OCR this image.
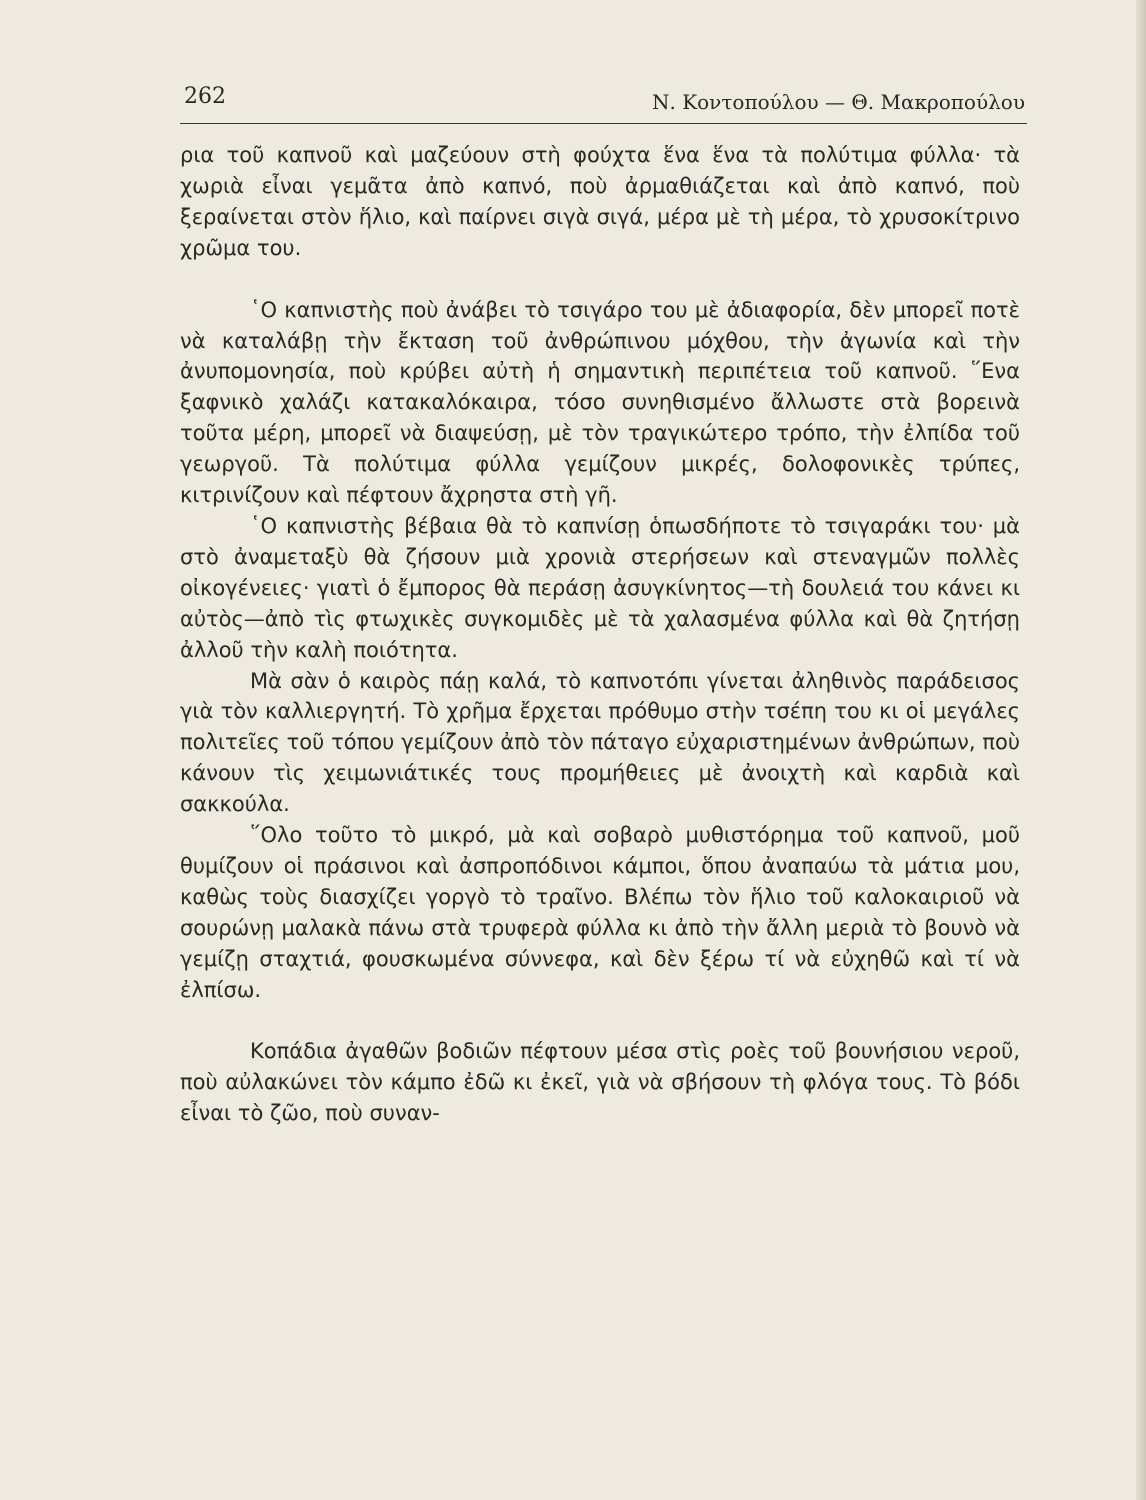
262	Ν. Κοντοπούλου — Θ. Μακροπούλου

ρια τοῦ καπνοῦ καὶ μαζεύουν στὴ φούχτα ἕνα ἕνα τὰ πολύτιμα φύλλα· τὰ χωριὰ εἶναι γεμᾶτα ἀπὸ καπνό, ποὺ ἀρμαθιάζεται καὶ ἀπὸ καπνό, ποὺ ξεραίνεται στὸν ἥλιο, καὶ παίρνει σιγὰ σιγά, μέρα μὲ τὴ μέρα, τὸ χρυσοκίτρινο χρῶμα του.

῾Ο καπνιστὴς ποὺ ἀνάβει τὸ τσιγάρο του μὲ ἀδιαφορία, δὲν μπορεῖ ποτὲ νὰ καταλάβῃ τὴν ἔκταση τοῦ ἀνθρώπινου μόχθου, τὴν ἀγωνία καὶ τὴν ἀνυπομονησία, ποὺ κρύβει αὐτὴ ἡ σημαντικὴ περιπέτεια τοῦ καπνοῦ. ῞Ενα ξαφνικὸ χαλάζι κατακαλόκαιρα, τόσο συνηθισμένο ἄλλωστε στὰ βορεινὰ τοῦτα μέρη, μπορεῖ νὰ διαψεύσῃ, μὲ τὸν τραγικώτερο τρόπο, τὴν ἐλπίδα τοῦ γεωργοῦ. Τὰ πολύτιμα φύλλα γεμίζουν μικρές, δολοφονικὲς τρύπες, κιτρινίζουν καὶ πέφτουν ἄχρηστα στὴ γῆ.

῾Ο καπνιστὴς βέβαια θὰ τὸ καπνίσῃ ὁπωσδήποτε τὸ τσιγαράκι του· μὰ στὸ ἀναμεταξὺ θὰ ζήσουν μιὰ χρονιὰ στερήσεων καὶ στεναγμῶν πολλὲς οἰκογένειες· γιατὶ ὁ ἔμπορος θὰ περάσῃ ἀσυγκίνητος—τὴ δουλειά του κάνει κι αὐτὸς—ἀπὸ τὶς φτωχικὲς συγκομιδὲς μὲ τὰ χαλασμένα φύλλα καὶ θὰ ζητήσῃ ἀλλοῦ τὴν καλὴ ποιότητα.

Μὰ σὰν ὁ καιρὸς πάῃ καλά, τὸ καπνοτόπι γίνεται ἀληθινὸς παράδεισος γιὰ τὸν καλλιεργητή. Τὸ χρῆμα ἔρχεται πρόθυμο στὴν τσέπη του κι οἱ μεγάλες πολιτεῖες τοῦ τόπου γεμίζουν ἀπὸ τὸν πάταγο εὐχαριστημένων ἀνθρώπων, ποὺ κάνουν τὶς χειμωνιάτικές τους προμήθειες μὲ ἀνοιχτὴ καὶ καρδιὰ καὶ σακκούλα.

῞Ολο τοῦτο τὸ μικρό, μὰ καὶ σοβαρὸ μυθιστόρημα τοῦ καπνοῦ, μοῦ θυμίζουν οἱ πράσινοι καὶ ἀσπροπόδινοι κάμποι, ὅπου ἀναπαύω τὰ μάτια μου, καθὼς τοὺς διασχίζει γοργὸ τὸ τραῖνο. Βλέπω τὸν ἥλιο τοῦ καλοκαιριοῦ νὰ σουρώνῃ μαλακὰ πάνω στὰ τρυφερὰ φύλλα κι ἀπὸ τὴν ἄλλη μεριὰ τὸ βουνὸ νὰ γεμίζῃ σταχτιά, φουσκωμένα σύννεφα, καὶ δὲν ξέρω τί νὰ εὐχηθῶ καὶ τί νὰ ἐλπίσω.

Κοπάδια ἀγαθῶν βοδιῶν πέφτουν μέσα στὶς ροὲς τοῦ βουνήσιου νεροῦ, ποὺ αὐλακώνει τὸν κάμπο ἐδῶ κι ἐκεῖ, γιὰ νὰ σβήσουν τὴ φλόγα τους. Τὸ βόδι εἶναι τὸ ζῶο, ποὺ συναν-
